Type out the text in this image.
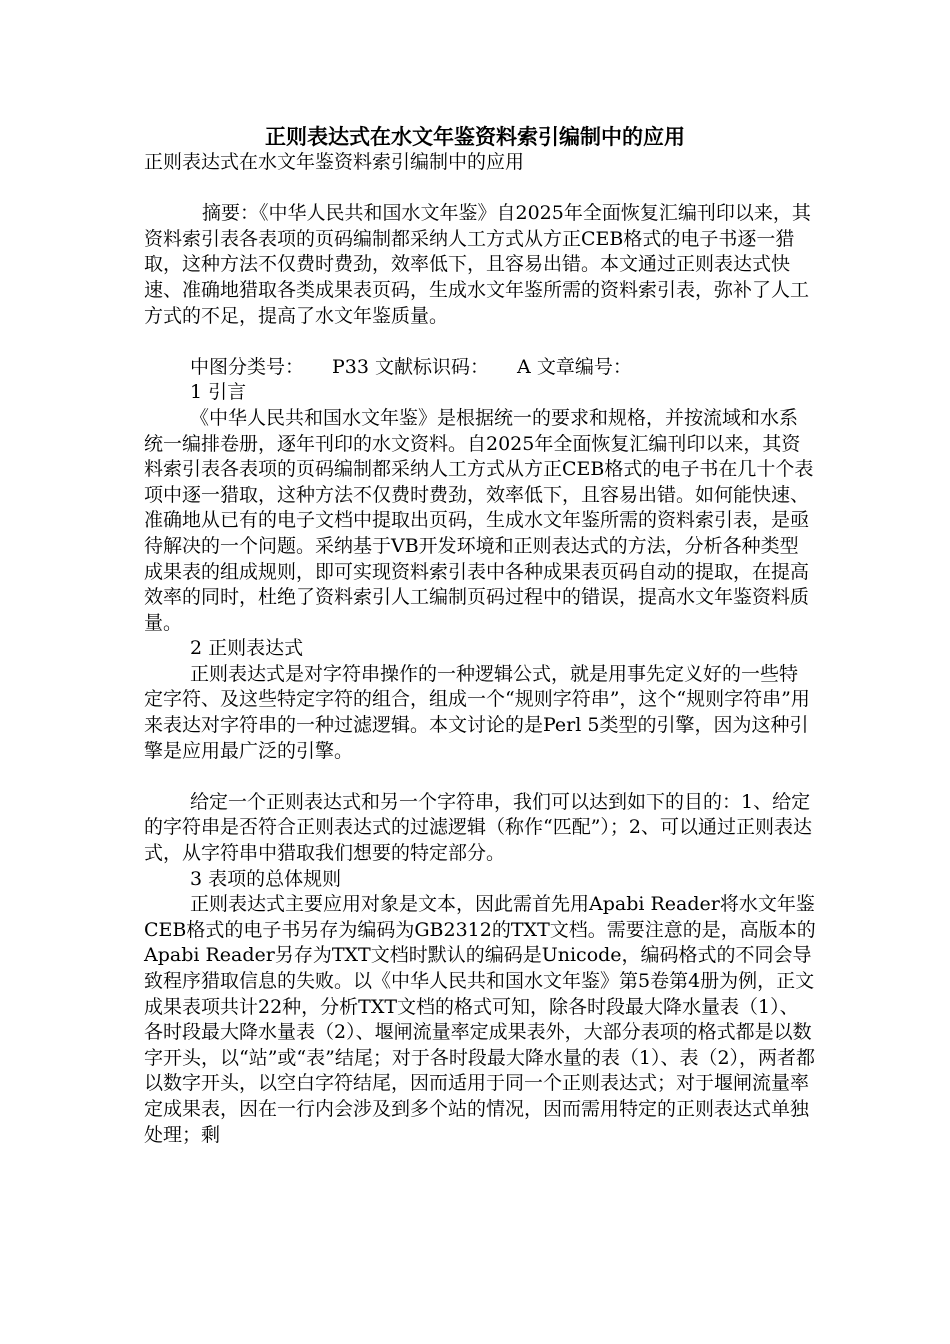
正则表达式在水文年鉴资料索引编制中的应用

正则表达式在水文年鉴资料索引编制中的应用

摘要：《中华人民共和国水文年鉴》自2025年全面恢复汇编刊印以来，其资料索引表各表项的页码编制都采纳人工方式从方正CEB格式的电子书逐一猎取，这种方法不仅费时费劲，效率低下，且容易出错。本文通过正则表达式快速、准确地猎取各类成果表页码，生成水文年鉴所需的资料索引表，弥补了人工方式的不足，提高了水文年鉴质量。

中图分类号： P33 文献标识码： A 文章编号：

1 引言

《中华人民共和国水文年鉴》是根据统一的要求和规格，并按流域和水系统一编排卷册，逐年刊印的水文资料。自2025年全面恢复汇编刊印以来，其资料索引表各表项的页码编制都采纳人工方式从方正CEB格式的电子书在几十个表项中逐一猎取，这种方法不仅费时费劲，效率低下，且容易出错。如何能快速、准确地从已有的电子文档中提取出页码，生成水文年鉴所需的资料索引表，是亟待解决的一个问题。采纳基于VB开发环境和正则表达式的方法，分析各种类型成果表的组成规则，即可实现资料索引表中各种成果表页码自动的提取，在提高效率的同时，杜绝了资料索引人工编制页码过程中的错误，提高水文年鉴资料质量。

2 正则表达式

正则表达式是对字符串操作的一种逻辑公式，就是用事先定义好的一些特定字符、及这些特定字符的组合，组成一个“规则字符串”，这个“规则字符串”用来表达对字符串的一种过滤逻辑。本文讨论的是Perl 5类型的引擎，因为这种引擎是应用最广泛的引擎。

给定一个正则表达式和另一个字符串，我们可以达到如下的目的：1、给定的字符串是否符合正则表达式的过滤逻辑（称作“匹配”）；2、可以通过正则表达式，从字符串中猎取我们想要的特定部分。

3 表项的总体规则

正则表达式主要应用对象是文本，因此需首先用Apabi Reader将水文年鉴CEB格式的电子书另存为编码为GB2312的TXT文档。需要注意的是，高版本的Apabi Reader另存为TXT文档时默认的编码是Unicode，编码格式的不同会导致程序猎取信息的失败。以《中华人民共和国水文年鉴》第5卷第4册为例，正文成果表项共计22种，分析TXT文档的格式可知，除各时段最大降水量表（1）、各时段最大降水量表（2）、堰闸流量率定成果表外，大部分表项的格式都是以数字开头，以“站”或“表”结尾；对于各时段最大降水量的表（1）、表（2），两者都以数字开头，以空白字符结尾，因而适用于同一个正则表达式；对于堰闸流量率定成果表，因在一行内会涉及到多个站的情况，因而需用特定的正则表达式单独处理；剩
